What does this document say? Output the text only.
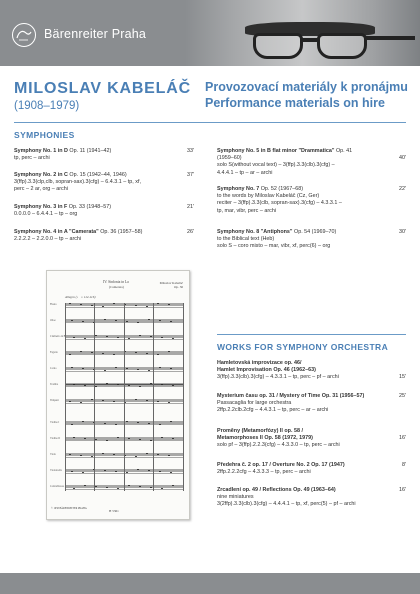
Bärenreiter Praha
MILOSLAV KABELÁČ
(1908–1979)
Provozovací materiály k pronájmu
Performance materials on hire
SYMPHONIES
Symphony No. 1 in D Op. 11 (1941–42)
tp, perc – archi
33'
Symphony No. 2 in C Op. 15 (1942–44, 1946)
3(ffp).3.3(clp,clb, sopran-sax).3(cfg) – 6.4.3.1 – tp, xf,
perc – 2 ar, org – archi
37'
Symphony No. 3 in F Op. 33 (1948–57)
0.0.0.0 – 6.4.4.1 – tp – org
21'
Symphony No. 4 in A "Camerata" Op. 36 (1957–58)
2.2.2.2 – 2.2.0.0 – tp – archi
26'
Symphony No. 5 in B flat minor "Drammatica" Op. 41
(1959–60)
solo S(without vocal text) – 3(ffp).3.3(clb).3(cfg) –
4.4.4.1 – tp – ar – archi
40'
Symphony No. 7 Op. 52 (1967–68)
to the words by Miloslav Kabeláč (Cz, Ger)
reciter – 3(ffp).3.3(clb, sopran-sax).3(cfg) – 4.3.3.1 –
tp, mar, vibr, perc – archi
22'
Symphony No. 8 "Antiphons" Op. 54 (1969–70)
to the Biblical text (Heb)
solo S – coro misto – mar, vibr, xf, perc(6) – org
30'
IV. Sinfonia in La
(Camerata)
Miloslav Kabeláč
Op. 36
Allegro (♩ = 112-116)
© 1958 BÄRENREITER PRAHA
H 5361
Flauto
Oboe
Clarinetto in B
Fagotto
Corno
Tromba
Timpani
Violino I
Violino II
Viola
Violoncello
Contrabbasso
WORKS FOR SYMPHONY ORCHESTRA
Hamletovská improvizace op. 46/
Hamlet Improvisation Op. 46 (1962–63)
3(ffp).3.3(clb).3(cfg) – 4.3.3.1 – tp, perc – pf – archi	15'
Mysterium času op. 31 / Mystery of Time Op. 31 (1956–57)
Passacaglia for large orchestra
2ffp.2.2clb.2cfg – 4.4.3.1 – tp, perc – ar – archi
25'
Proměny (Metamorfózy) II op. 58 /
Metamorphoses II Op. 58 (1972, 1979)
solo pf – 3(ffp).2.2.3(cfg) – 4.3.3.0 – tp, perc – archi
16'
Předehra č. 2 op. 17 / Overture No. 2 Op. 17 (1947)
2ffp.2.2.2cfg – 4.3.3.3 – tp, perc – archi
8'
Zrcadlení op. 49 / Reflections Op. 49 (1963–64)
nine miniatures
3(2ffp).3.3(clb).3(cfg) – 4.4.4.1 – tp, xf, perc(5) – pf – archi
16'
